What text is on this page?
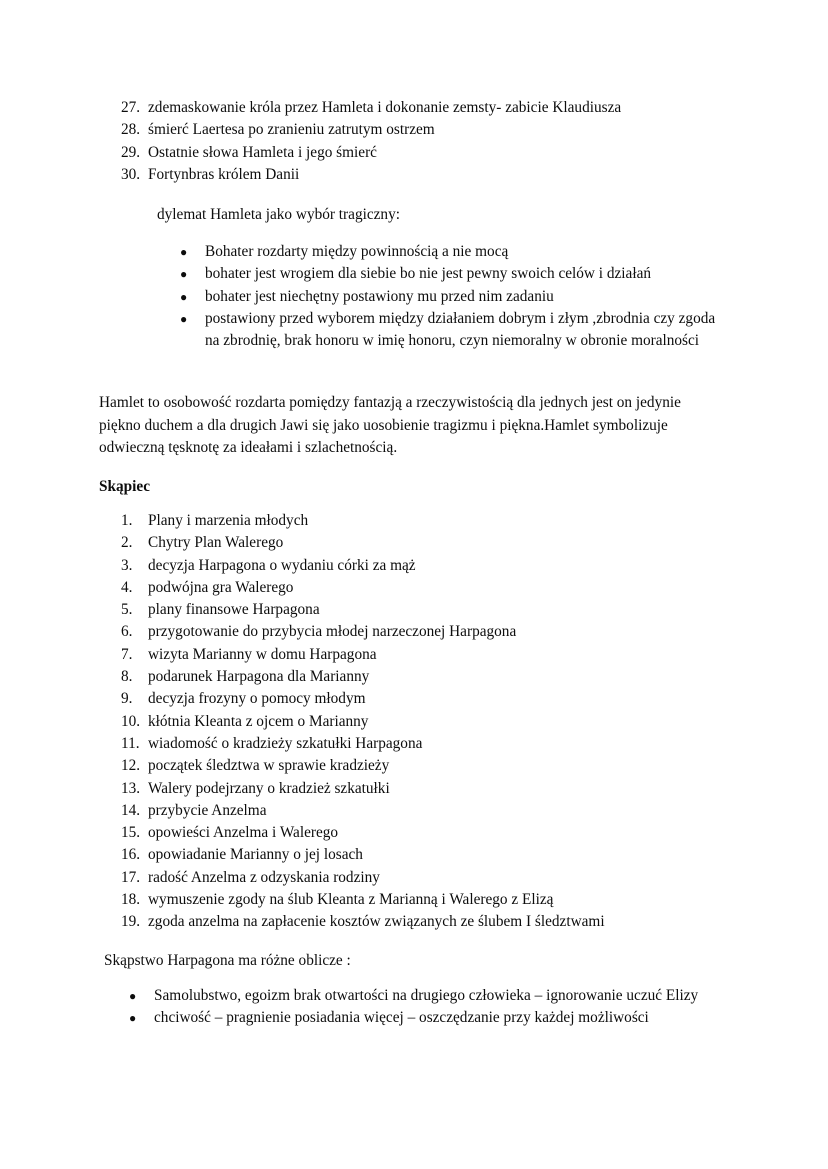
27. zdemaskowanie króla przez Hamleta i dokonanie zemsty- zabicie Klaudiusza
28. śmierć Laertesa po zranieniu zatrutym ostrzem
29. Ostatnie słowa Hamleta i jego śmierć
30. Fortynbras królem Danii
dylemat Hamleta jako wybór tragiczny:
●	Bohater rozdarty między powinnością a nie mocą
●	bohater jest wrogiem dla siebie bo nie jest pewny swoich celów i działań
●	bohater jest niechętny postawiony mu przed nim zadaniu
●	postawiony przed wyborem między działaniem dobrym i złym ,zbrodnia czy zgoda na zbrodnię, brak honoru w imię honoru, czyn niemoralny w obronie moralności
Hamlet to osobowość rozdarta pomiędzy fantazją a rzeczywistością dla jednych jest on jedynie piękno duchem a dla drugich Jawi się jako uosobienie tragizmu i piękna.Hamlet symbolizuje odwieczną tęsknotę za ideałami i szlachetnością.
Skąpiec
1.	Plany i marzenia młodych
2.	Chytry Plan Walerego
3.	decyzja Harpagona o wydaniu córki za mąż
4.	podwójna gra Walerego
5.	plany finansowe Harpagona
6.	przygotowanie do przybycia młodej narzeczonej Harpagona
7.	wizyta Marianny w domu Harpagona
8.	podarunek Harpagona dla Marianny
9.	decyzja frozyny o pomocy młodym
10. kłótnia Kleanta z ojcem o Marianny
11. wiadomość o kradzieży szkatułki Harpagona
12. początek śledztwa w sprawie kradzieży
13. Walery podejrzany o kradzież szkatułki
14. przybycie Anzelma
15. opowieści Anzelma i Walerego
16. opowiadanie Marianny o jej losach
17. radość Anzelma z odzyskania rodziny
18. wymuszenie zgody na ślub Kleanta z Marianną i Walerego z Elizą
19. zgoda anzelma na zapłacenie kosztów związanych ze ślubem I śledztwami
Skąpstwo Harpagona ma różne oblicze :
●	Samolubstwo, egoizm brak otwartości na drugiego człowieka – ignorowanie uczuć Elizy
●	chciwość – pragnienie posiadania więcej – oszczędzanie przy każdej możliwości
